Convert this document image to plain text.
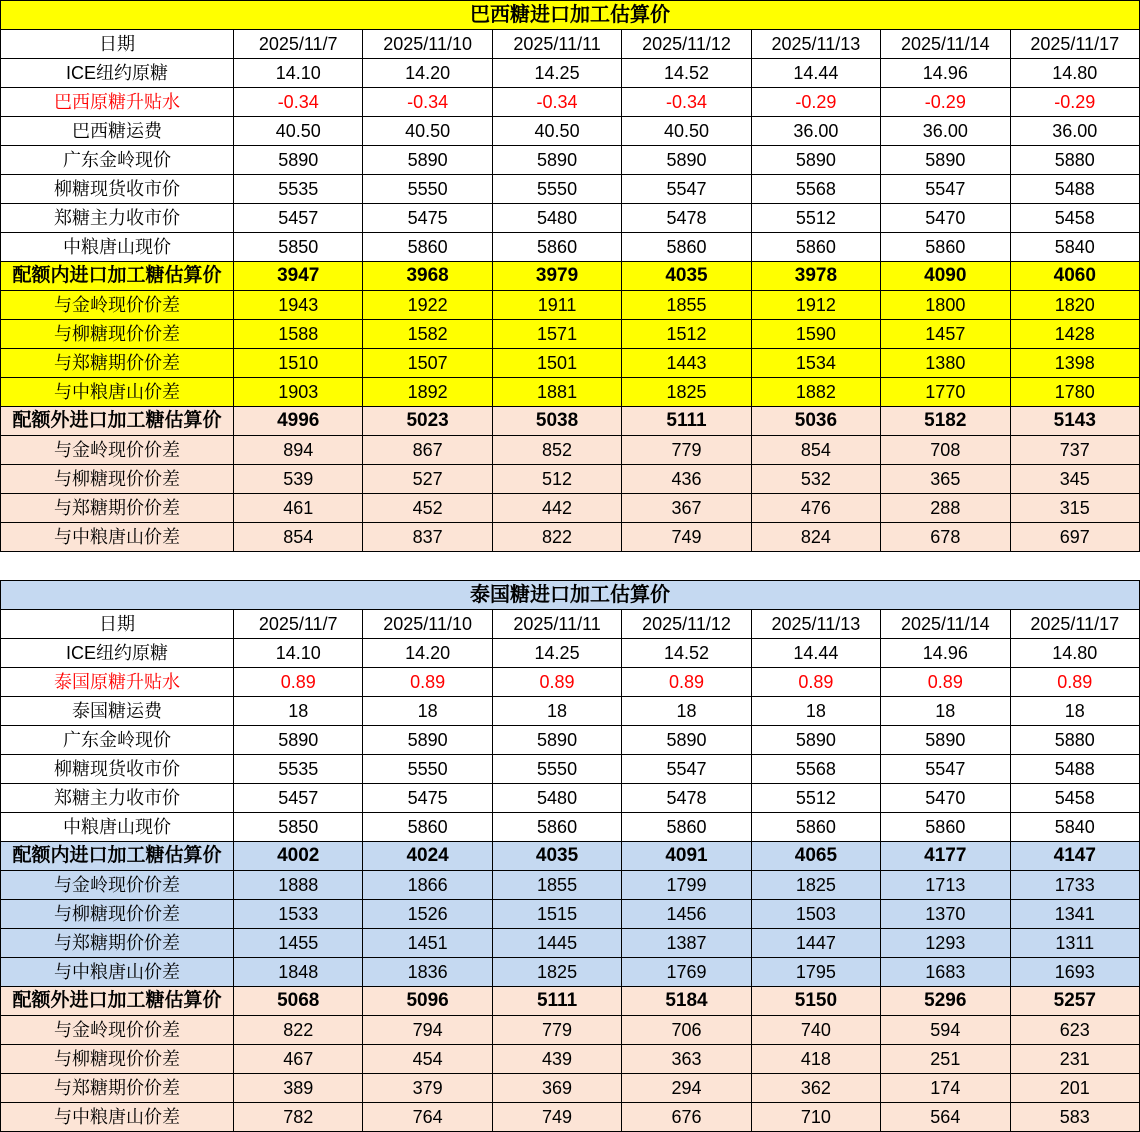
巴西糖进口加工估算价							
日期	2025/11/7	2025/11/10	2025/11/11	2025/11/12	2025/11/13	2025/11/14	2025/11/17
ICE纽约原糖	14.10	14.20	14.25	14.52	14.44	14.96	14.80
巴西原糖升贴水	-0.34	-0.34	-0.34	-0.34	-0.29	-0.29	-0.29
巴西糖运费	40.50	40.50	40.50	40.50	36.00	36.00	36.00
广东金岭现价	5890	5890	5890	5890	5890	5890	5880
柳糖现货收市价	5535	5550	5550	5547	5568	5547	5488
郑糖主力收市价	5457	5475	5480	5478	5512	5470	5458
中粮唐山现价	5850	5860	5860	5860	5860	5860	5840
配额内进口加工糖估算价	3947	3968	3979	4035	3978	4090	4060
与金岭现价价差	1943	1922	1911	1855	1912	1800	1820
与柳糖现价价差	1588	1582	1571	1512	1590	1457	1428
与郑糖期价价差	1510	1507	1501	1443	1534	1380	1398
与中粮唐山价差	1903	1892	1881	1825	1882	1770	1780
配额外进口加工糖估算价	4996	5023	5038	5111	5036	5182	5143
与金岭现价价差	894	867	852	779	854	708	737
与柳糖现价价差	539	527	512	436	532	365	345
与郑糖期价价差	461	452	442	367	476	288	315
与中粮唐山价差	854	837	822	749	824	678	697
泰国糖进口加工估算价							
日期	2025/11/7	2025/11/10	2025/11/11	2025/11/12	2025/11/13	2025/11/14	2025/11/17
ICE纽约原糖	14.10	14.20	14.25	14.52	14.44	14.96	14.80
泰国原糖升贴水	0.89	0.89	0.89	0.89	0.89	0.89	0.89
泰国糖运费	18	18	18	18	18	18	18
广东金岭现价	5890	5890	5890	5890	5890	5890	5880
柳糖现货收市价	5535	5550	5550	5547	5568	5547	5488
郑糖主力收市价	5457	5475	5480	5478	5512	5470	5458
中粮唐山现价	5850	5860	5860	5860	5860	5860	5840
配额内进口加工糖估算价	4002	4024	4035	4091	4065	4177	4147
与金岭现价价差	1888	1866	1855	1799	1825	1713	1733
与柳糖现价价差	1533	1526	1515	1456	1503	1370	1341
与郑糖期价价差	1455	1451	1445	1387	1447	1293	1311
与中粮唐山价差	1848	1836	1825	1769	1795	1683	1693
配额外进口加工糖估算价	5068	5096	5111	5184	5150	5296	5257
与金岭现价价差	822	794	779	706	740	594	623
与柳糖现价价差	467	454	439	363	418	251	231
与郑糖期价价差	389	379	369	294	362	174	201
与中粮唐山价差	782	764	749	676	710	564	583
